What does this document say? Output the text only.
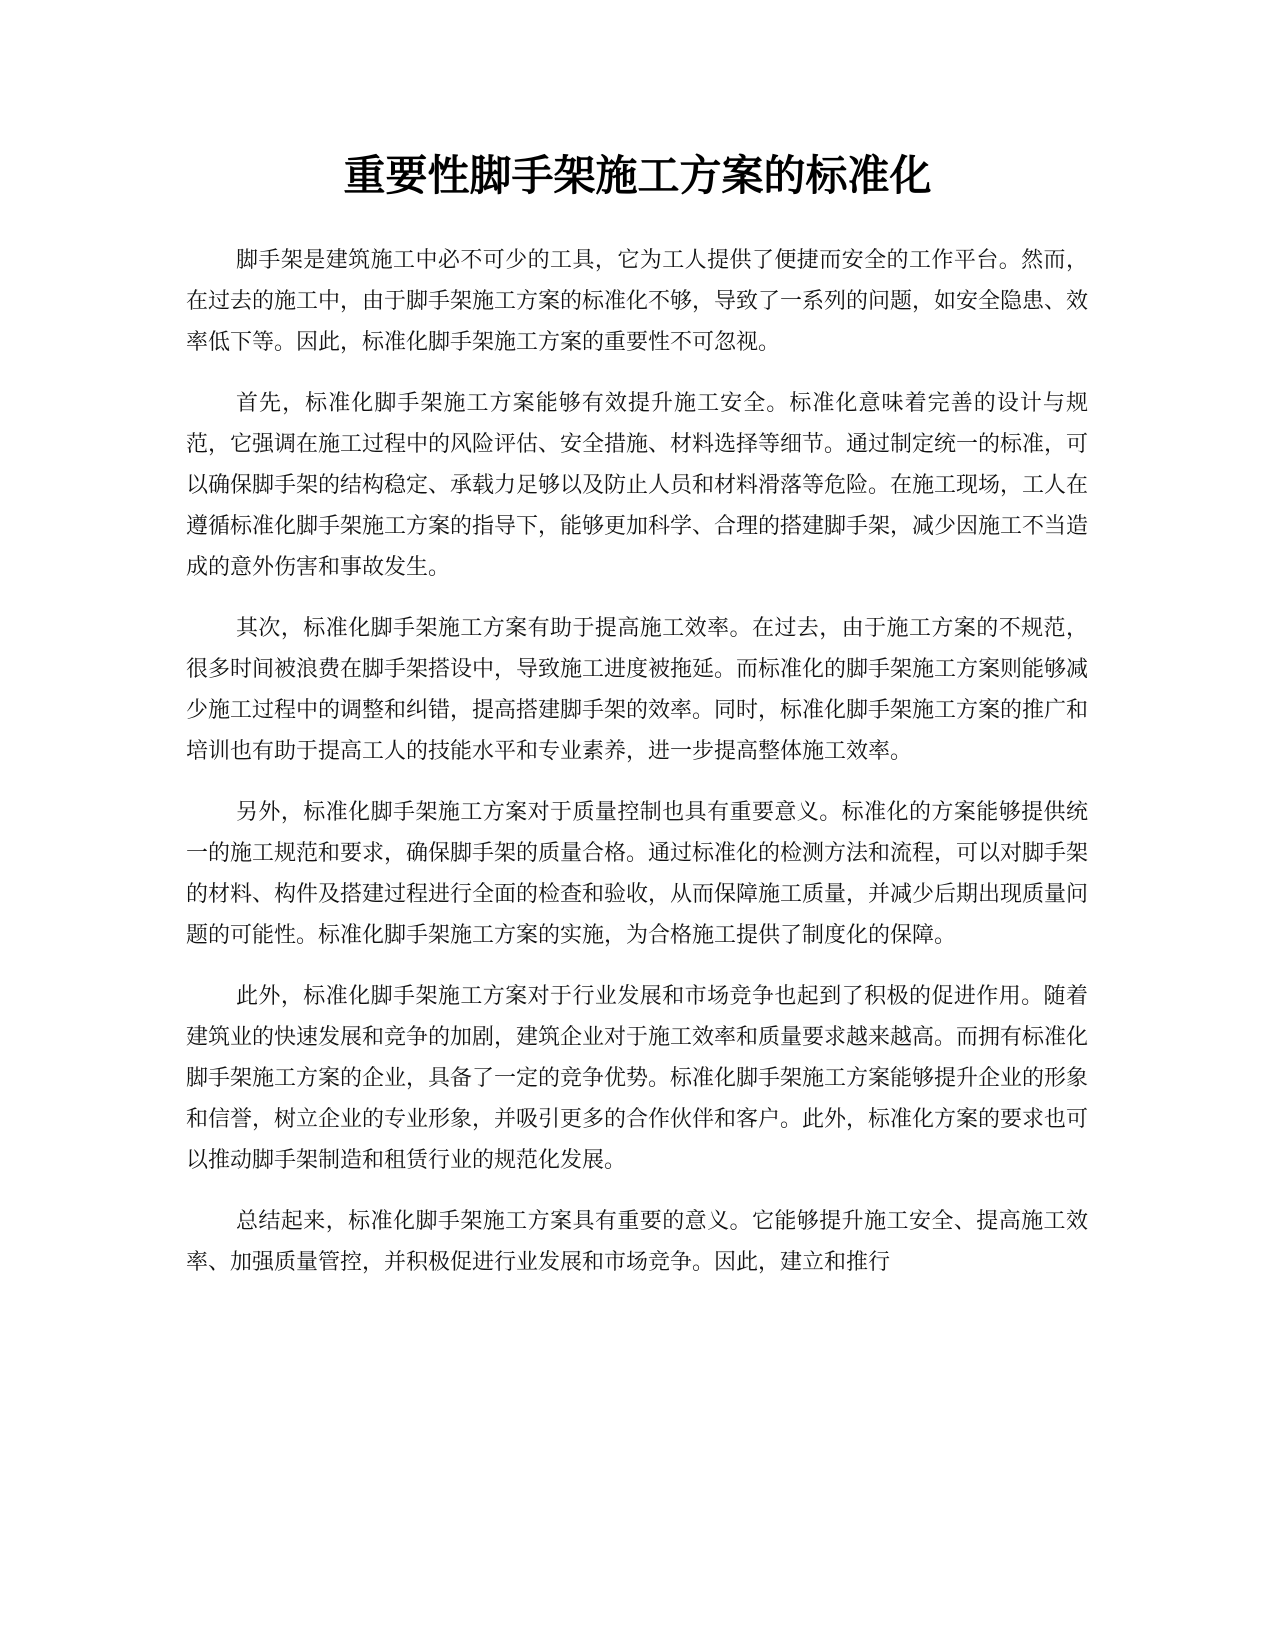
重要性脚手架施工方案的标准化

脚手架是建筑施工中必不可少的工具，它为工人提供了便捷而安全的工作平台。然而，在过去的施工中，由于脚手架施工方案的标准化不够，导致了一系列的问题，如安全隐患、效率低下等。因此，标准化脚手架施工方案的重要性不可忽视。

首先，标准化脚手架施工方案能够有效提升施工安全。标准化意味着完善的设计与规范，它强调在施工过程中的风险评估、安全措施、材料选择等细节。通过制定统一的标准，可以确保脚手架的结构稳定、承载力足够以及防止人员和材料滑落等危险。在施工现场，工人在遵循标准化脚手架施工方案的指导下，能够更加科学、合理的搭建脚手架，减少因施工不当造成的意外伤害和事故发生。

其次，标准化脚手架施工方案有助于提高施工效率。在过去，由于施工方案的不规范，很多时间被浪费在脚手架搭设中，导致施工进度被拖延。而标准化的脚手架施工方案则能够减少施工过程中的调整和纠错，提高搭建脚手架的效率。同时，标准化脚手架施工方案的推广和培训也有助于提高工人的技能水平和专业素养，进一步提高整体施工效率。

另外，标准化脚手架施工方案对于质量控制也具有重要意义。标准化的方案能够提供统一的施工规范和要求，确保脚手架的质量合格。通过标准化的检测方法和流程，可以对脚手架的材料、构件及搭建过程进行全面的检查和验收，从而保障施工质量，并减少后期出现质量问题的可能性。标准化脚手架施工方案的实施，为合格施工提供了制度化的保障。

此外，标准化脚手架施工方案对于行业发展和市场竞争也起到了积极的促进作用。随着建筑业的快速发展和竞争的加剧，建筑企业对于施工效率和质量要求越来越高。而拥有标准化脚手架施工方案的企业，具备了一定的竞争优势。标准化脚手架施工方案能够提升企业的形象和信誉，树立企业的专业形象，并吸引更多的合作伙伴和客户。此外，标准化方案的要求也可以推动脚手架制造和租赁行业的规范化发展。

总结起来，标准化脚手架施工方案具有重要的意义。它能够提升施工安全、提高施工效率、加强质量管控，并积极促进行业发展和市场竞争。因此，建立和推行
